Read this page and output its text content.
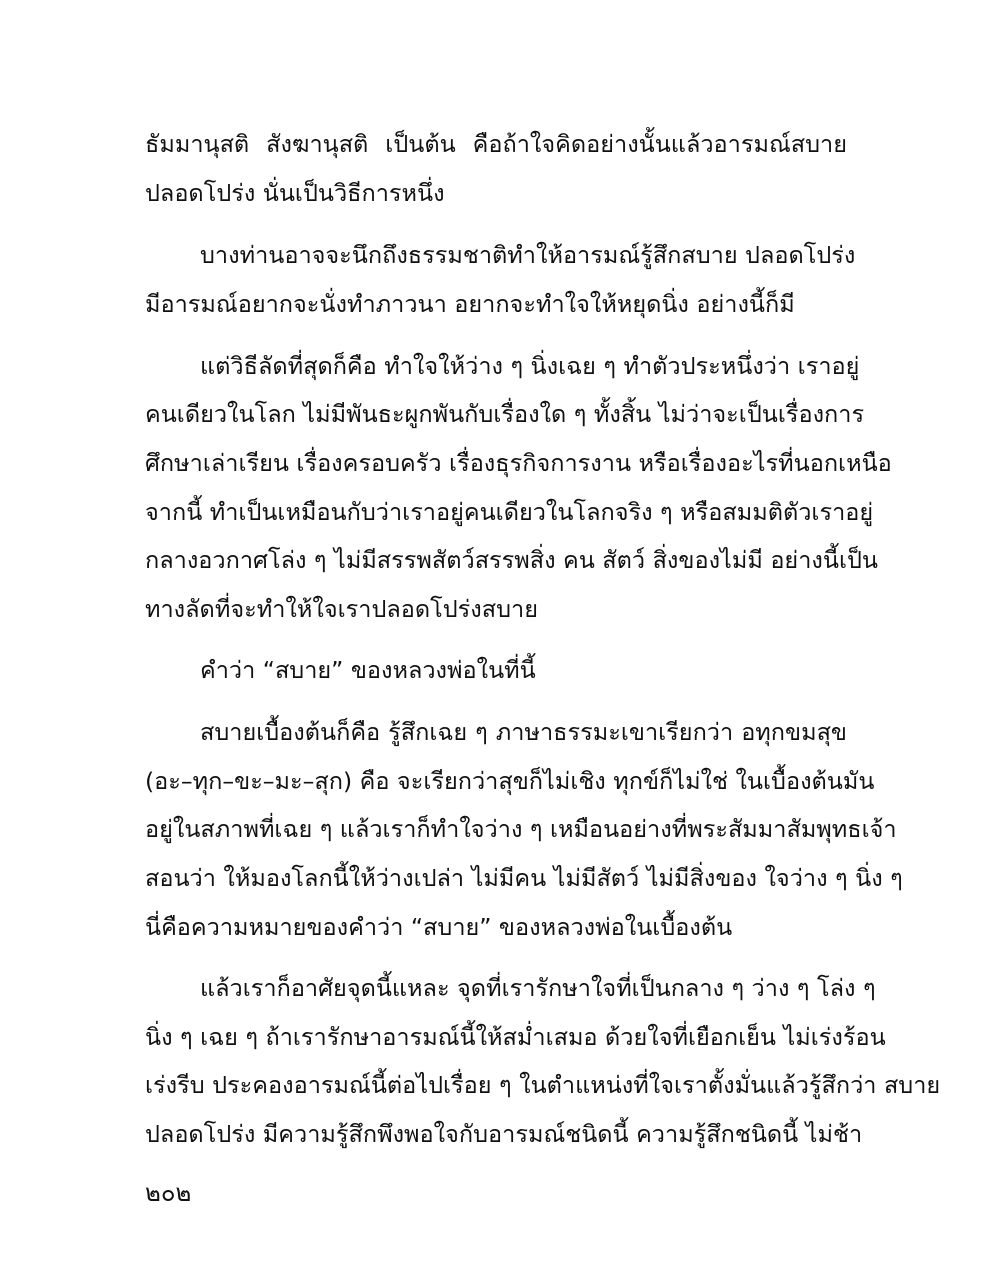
ธัมมานุสติ สังฆานุสติ เป็นต้น คือถ้าใจคิดอย่างนั้นแล้วอารมณ์สบาย

ปลอดโปร่ง นั่นเป็นวิธีการหนึ่ง

บางท่านอาจจะนึกถึงธรรมชาติทำให้อารมณ์รู้สึกสบาย ปลอดโปร่ง

มีอารมณ์อยากจะนั่งทำภาวนา อยากจะทำใจให้หยุดนิ่ง อย่างนี้ก็มี

แต่วิธีลัดที่สุดก็คือ ทำใจให้ว่าง ๆ นิ่งเฉย ๆ ทำตัวประหนึ่งว่า เราอยู่

คนเดียวในโลก ไม่มีพันธะผูกพันกับเรื่องใด ๆ ทั้งสิ้น ไม่ว่าจะเป็นเรื่องการ

ศึกษาเล่าเรียน เรื่องครอบครัว เรื่องธุรกิจการงาน หรือเรื่องอะไรที่นอกเหนือ

จากนี้ ทำเป็นเหมือนกับว่าเราอยู่คนเดียวในโลกจริง ๆ หรือสมมติตัวเราอยู่

กลางอวกาศโล่ง ๆ ไม่มีสรรพสัตว์สรรพสิ่ง คน สัตว์ สิ่งของไม่มี อย่างนี้เป็น

ทางลัดที่จะทำให้ใจเราปลอดโปร่งสบาย

คำว่า “สบาย” ของหลวงพ่อในที่นี้

สบายเบื้องต้นก็คือ รู้สึกเฉย ๆ ภาษาธรรมะเขาเรียกว่า อทุกขมสุข

(อะ–ทุก–ขะ–มะ–สุก) คือ จะเรียกว่าสุขก็ไม่เชิง ทุกข์ก็ไม่ใช่ ในเบื้องต้นมัน

อยู่ในสภาพที่เฉย ๆ แล้วเราก็ทำใจว่าง ๆ เหมือนอย่างที่พระสัมมาสัมพุทธเจ้า

สอนว่า ให้มองโลกนี้ให้ว่างเปล่า ไม่มีคน ไม่มีสัตว์ ไม่มีสิ่งของ ใจว่าง ๆ นิ่ง ๆ

นี่คือความหมายของคำว่า “สบาย” ของหลวงพ่อในเบื้องต้น

แล้วเราก็อาศัยจุดนี้แหละ จุดที่เรารักษาใจที่เป็นกลาง ๆ ว่าง ๆ โล่ง ๆ

นิ่ง ๆ เฉย ๆ ถ้าเรารักษาอารมณ์นี้ให้สม่ำเสมอ ด้วยใจที่เยือกเย็น ไม่เร่งร้อน

เร่งรีบ ประคองอารมณ์นี้ต่อไปเรื่อย ๆ ในตำแหน่งที่ใจเราตั้งมั่นแล้วรู้สึกว่า สบาย

ปลอดโปร่ง มีความรู้สึกพึงพอใจกับอารมณ์ชนิดนี้ ความรู้สึกชนิดนี้ ไม่ช้า

๒๐๒
